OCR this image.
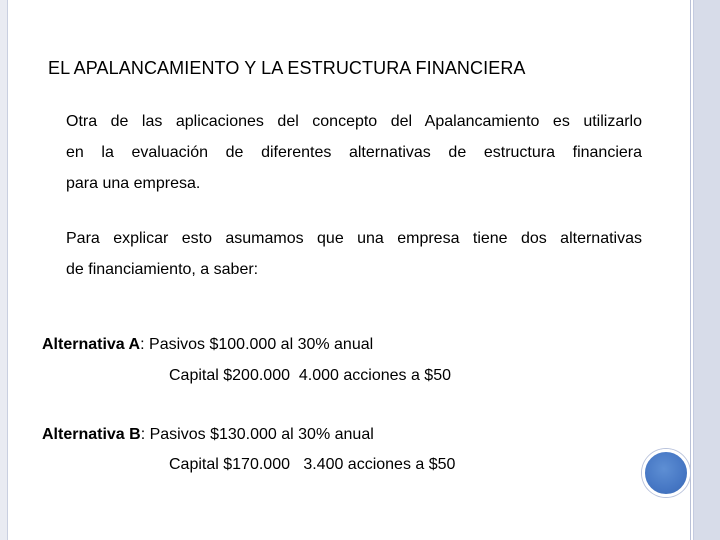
EL APALANCAMIENTO Y LA ESTRUCTURA FINANCIERA
Otra de las aplicaciones del concepto del Apalancamiento es utilizarlo
en la evaluación de diferentes alternativas de estructura financiera
para una empresa.
Para explicar esto asumamos que una empresa tiene dos alternativas
de financiamiento, a saber:
Alternativa A: Pasivos $100.000 al 30% anual
Capital $200.000  4.000 acciones a $50
Alternativa B: Pasivos $130.000 al 30% anual
Capital $170.000   3.400 acciones a $50
